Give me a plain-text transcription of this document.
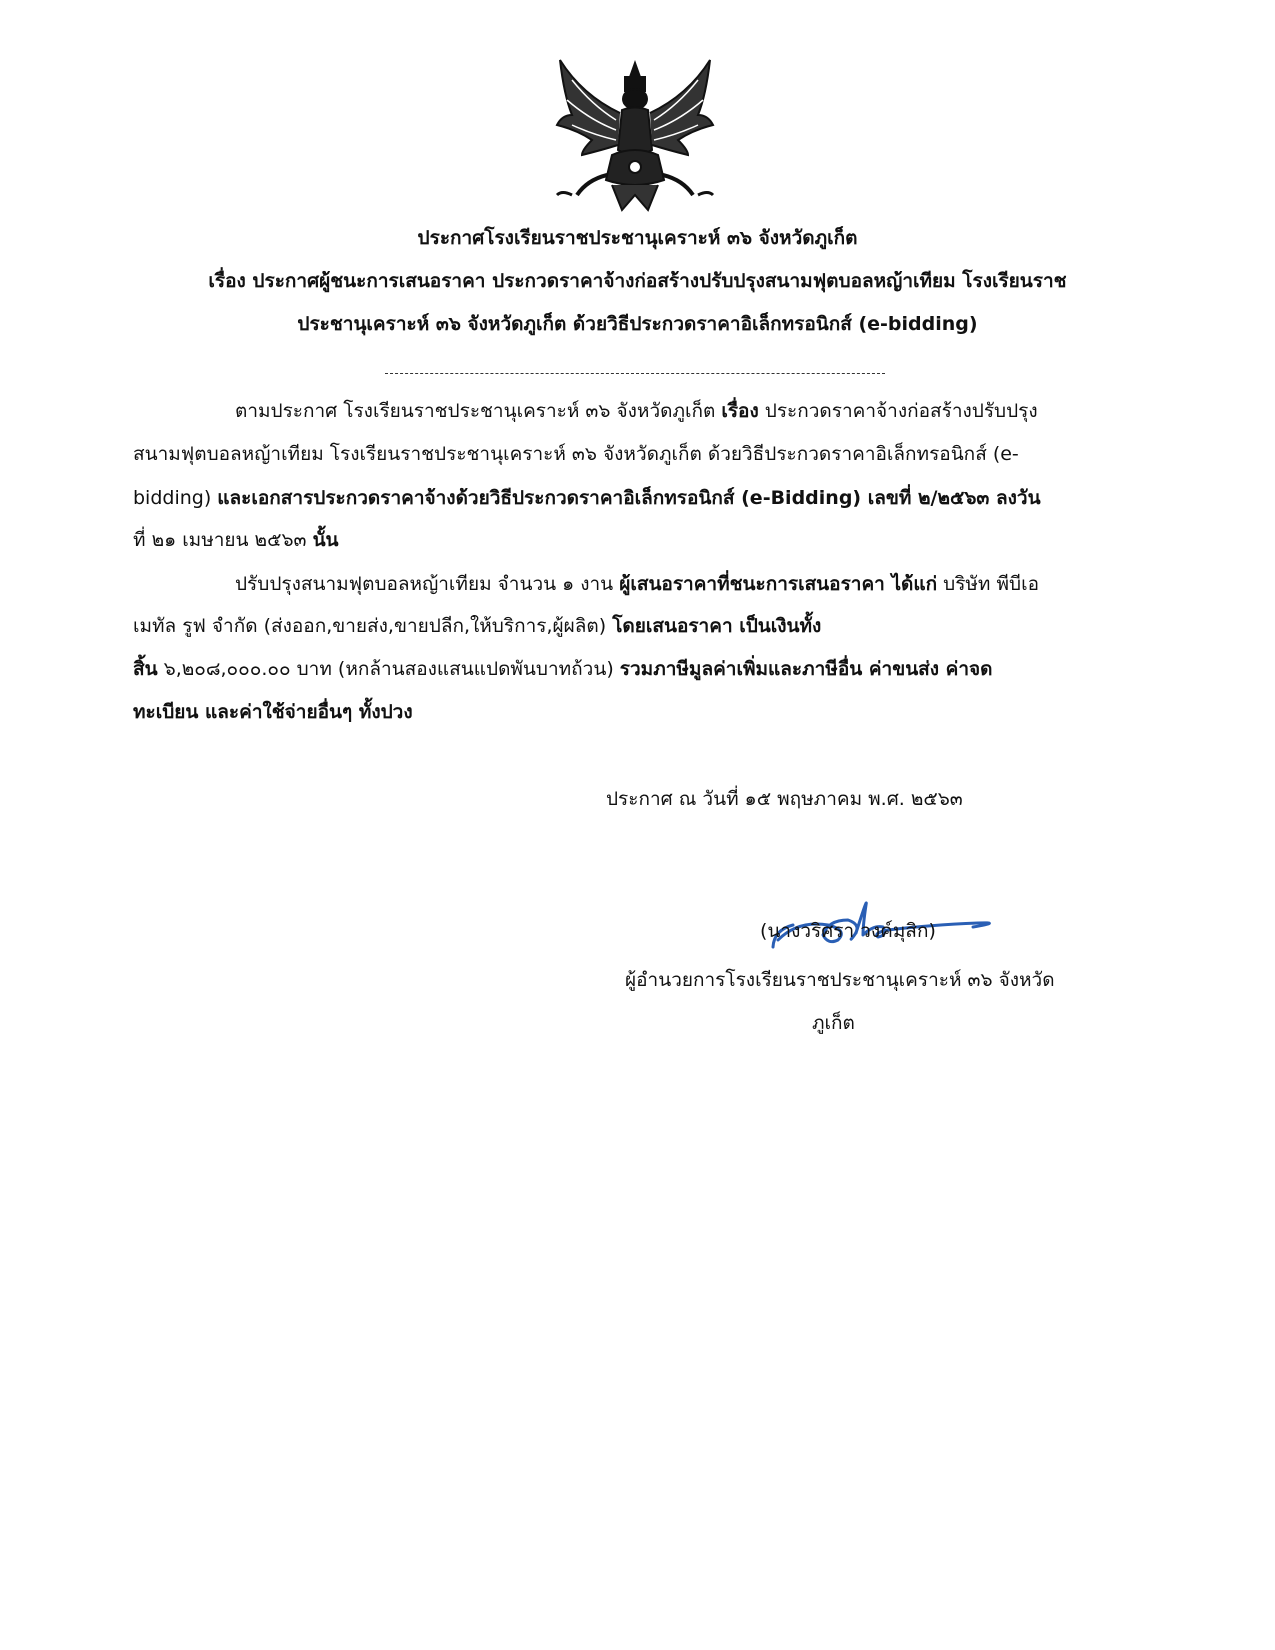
ประกาศโรงเรียนราชประชานุเคราะห์ ๓๖ จังหวัดภูเก็ต
เรื่อง ประกาศผู้ชนะการเสนอราคา ประกวดราคาจ้างก่อสร้างปรับปรุงสนามฟุตบอลหญ้าเทียม โรงเรียนราช
ประชานุเคราะห์ ๓๖ จังหวัดภูเก็ต ด้วยวิธีประกวดราคาอิเล็กทรอนิกส์ (e-bidding)
ตามประกาศ โรงเรียนราชประชานุเคราะห์ ๓๖ จังหวัดภูเก็ต เรื่อง ประกวดราคาจ้างก่อสร้างปรับปรุง
สนามฟุตบอลหญ้าเทียม โรงเรียนราชประชานุเคราะห์ ๓๖ จังหวัดภูเก็ต ด้วยวิธีประกวดราคาอิเล็กทรอนิกส์ (e-
bidding) และเอกสารประกวดราคาจ้างด้วยวิธีประกวดราคาอิเล็กทรอนิกส์ (e-Bidding) เลขที่ ๒/๒๕๖๓ ลงวัน
ที่ ๒๑ เมษายน ๒๕๖๓ นั้น
ปรับปรุงสนามฟุตบอลหญ้าเทียม จำนวน ๑ งาน ผู้เสนอราคาที่ชนะการเสนอราคา ได้แก่ บริษัท พีบีเอ
เมทัล รูฟ จำกัด (ส่งออก,ขายส่ง,ขายปลีก,ให้บริการ,ผู้ผลิต) โดยเสนอราคา เป็นเงินทั้ง
สิ้น ๖,๒๐๘,๐๐๐.๐๐ บาท (หกล้านสองแสนแปดพันบาทถ้วน) รวมภาษีมูลค่าเพิ่มและภาษีอื่น ค่าขนส่ง ค่าจด
ทะเบียน และค่าใช้จ่ายอื่นๆ ทั้งปวง
ประกาศ ณ วันที่ ๑๕ พฤษภาคม พ.ศ. ๒๕๖๓
(นางวริศรา วงค์มุสิก)
ผู้อำนวยการโรงเรียนราชประชานุเคราะห์ ๓๖ จังหวัด
ภูเก็ต
